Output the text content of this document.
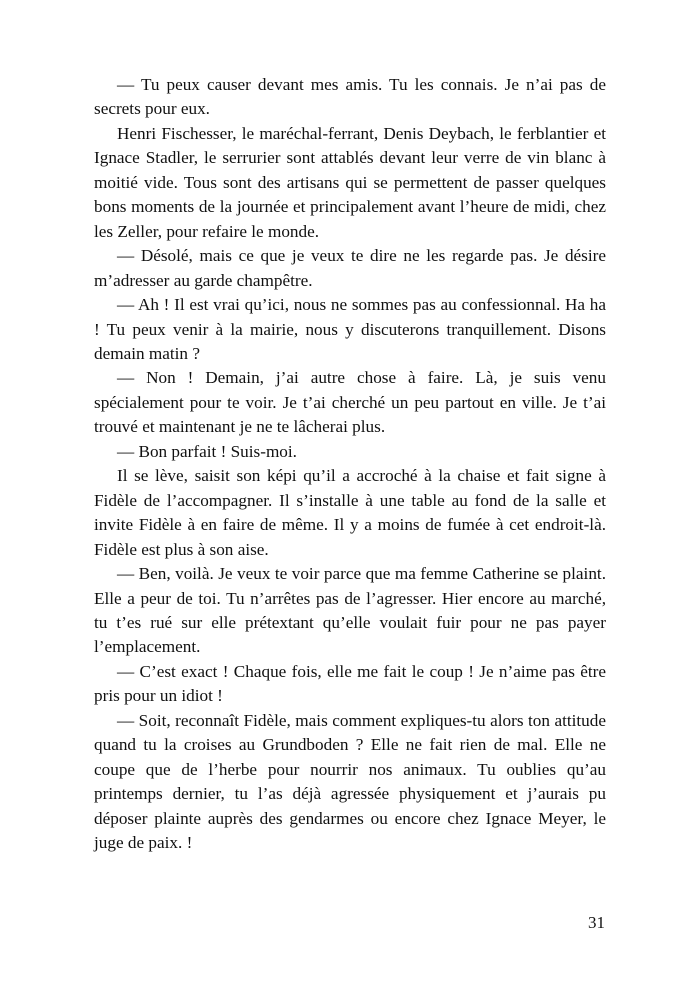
— Tu peux causer devant mes amis. Tu les connais. Je n’ai pas de secrets pour eux.

Henri Fischesser, le maréchal-ferrant, Denis Deybach, le ferblantier et Ignace Stadler, le serrurier sont attablés devant leur verre de vin blanc à moitié vide. Tous sont des artisans qui se permettent de passer quelques bons moments de la journée et principalement avant l’heure de midi, chez les Zeller, pour refaire le monde.

— Désolé, mais ce que je veux te dire ne les regarde pas. Je désire m’adresser au garde champêtre.

— Ah ! Il est vrai qu’ici, nous ne sommes pas au confessionnal. Ha ha ! Tu peux venir à la mairie, nous y discuterons tranquillement. Disons demain matin ?

— Non ! Demain, j’ai autre chose à faire. Là, je suis venu spécialement pour te voir. Je t’ai cherché un peu partout en ville. Je t’ai trouvé et maintenant je ne te lâcherai plus.

— Bon parfait ! Suis-moi.

Il se lève, saisit son képi qu’il a accroché à la chaise et fait signe à Fidèle de l’accompagner. Il s’installe à une table au fond de la salle et invite Fidèle à en faire de même. Il y a moins de fumée à cet endroit-là. Fidèle est plus à son aise.

— Ben, voilà. Je veux te voir parce que ma femme Catherine se plaint. Elle a peur de toi. Tu n’arrêtes pas de l’agresser. Hier encore au marché, tu t’es rué sur elle prétextant qu’elle voulait fuir pour ne pas payer l’emplacement.

— C’est exact ! Chaque fois, elle me fait le coup ! Je n’aime pas être pris pour un idiot !

— Soit, reconnaît Fidèle, mais comment expliques-tu alors ton attitude quand tu la croises au Grundboden ? Elle ne fait rien de mal. Elle ne coupe que de l’herbe pour nourrir nos animaux. Tu oublies qu’au printemps dernier, tu l’as déjà agressée physiquement et j’aurais pu déposer plainte auprès des gendarmes ou encore chez Ignace Meyer, le juge de paix. !

31
